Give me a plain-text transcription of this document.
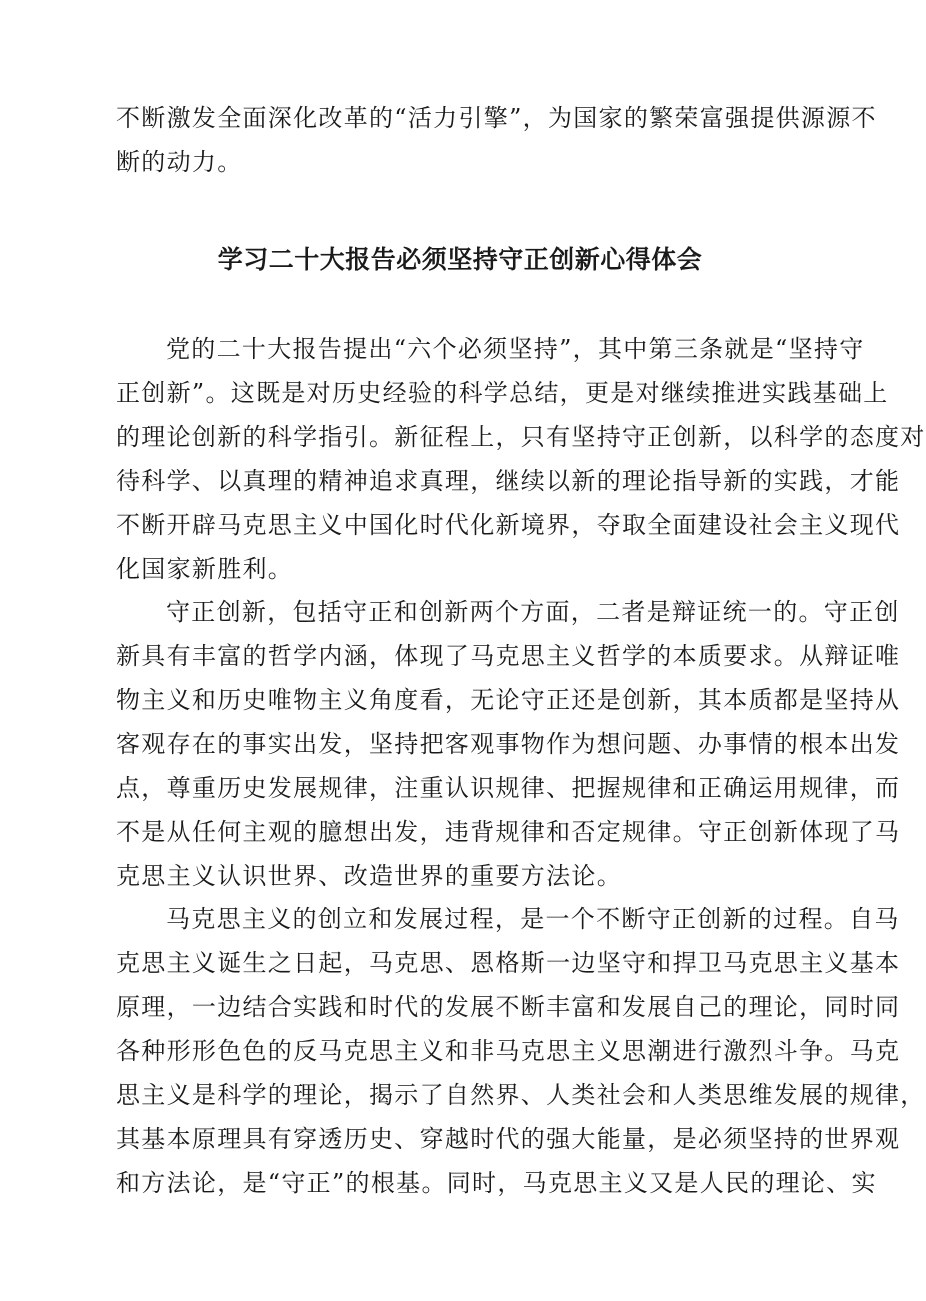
不断激发全面深化改革的“活力引擎”，为国家的繁荣富强提供源源不
断的动力。
学习二十大报告必须坚持守正创新心得体会
党的二十大报告提出“六个必须坚持”，其中第三条就是“坚持守
正创新”。这既是对历史经验的科学总结，更是对继续推进实践基础上
的理论创新的科学指引。新征程上，只有坚持守正创新，以科学的态度对
待科学、以真理的精神追求真理，继续以新的理论指导新的实践，才能
不断开辟马克思主义中国化时代化新境界，夺取全面建设社会主义现代
化国家新胜利。
守正创新，包括守正和创新两个方面，二者是辩证统一的。守正创
新具有丰富的哲学内涵，体现了马克思主义哲学的本质要求。从辩证唯
物主义和历史唯物主义角度看，无论守正还是创新，其本质都是坚持从
客观存在的事实出发，坚持把客观事物作为想问题、办事情的根本出发
点，尊重历史发展规律，注重认识规律、把握规律和正确运用规律，而
不是从任何主观的臆想出发，违背规律和否定规律。守正创新体现了马
克思主义认识世界、改造世界的重要方法论。
马克思主义的创立和发展过程，是一个不断守正创新的过程。自马
克思主义诞生之日起，马克思、恩格斯一边坚守和捍卫马克思主义基本
原理，一边结合实践和时代的发展不断丰富和发展自己的理论，同时同
各种形形色色的反马克思主义和非马克思主义思潮进行激烈斗争。马克
思主义是科学的理论，揭示了自然界、人类社会和人类思维发展的规律，
其基本原理具有穿透历史、穿越时代的强大能量，是必须坚持的世界观
和方法论，是“守正”的根基。同时，马克思主义又是人民的理论、实
